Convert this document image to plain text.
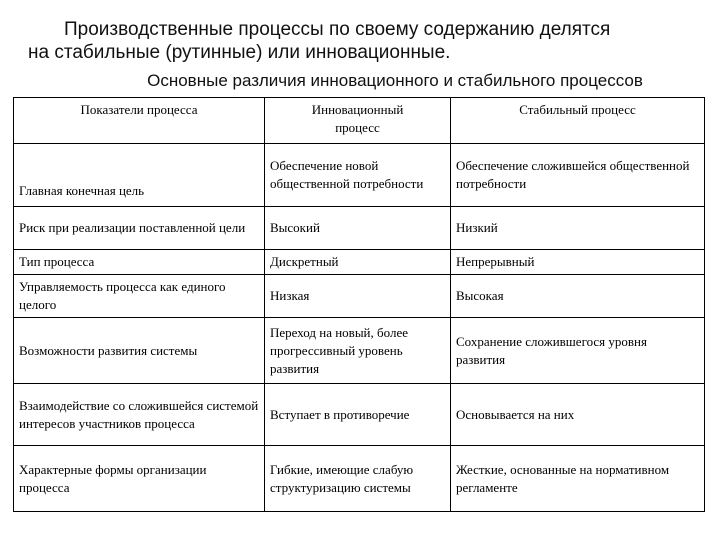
Производственные процессы по своему содержанию делятся
на стабильные (рутинные) или инновационные.
Основные различия инновационного и стабильного процессов
Показатели процесса	Инновационный процесс	Стабильный процесс
Главная конечная цель	Обеспечение новой общественной потребности	Обеспечение сложившейся общественной потребности
Риск при реализации поставленной цели	Высокий	Низкий
Тип процесса	Дискретный	Непрерывный
Управляемость процесса как единого целого	Низкая	Высокая
Возможности развития системы	Переход на новый, более прогрессивный уровень развития	Сохранение сложившегося уровня развития
Взаимодействие со сложившейся системой интересов участников процесса	Вступает в противоречие	Основывается на них
Характерные формы организации процесса	Гибкие, имеющие слабую структуризацию системы	Жесткие, основанные на нормативном регламенте
